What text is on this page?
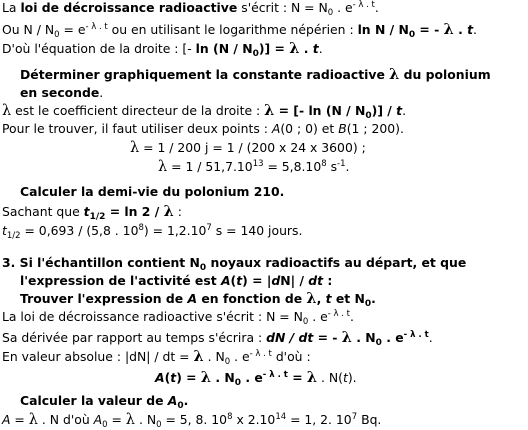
La loi de décroissance radioactive s'écrit : $N = N_0$ . $e^{- \lambda . t}$.
Ou $N / N_0 = e^{- \lambda . t}$ ou en utilisant le logarithme népérien : ln N / $N_0$ = - λ . t.
D'où l'équation de la droite : [- $\ln (N / N_0)] = \lambda$ . t.
Déterminer graphiquement la constante radioactive λ du polonium
en seconde.
λ est le coefficient directeur de la droite : λ = [- $\ln (N / N_0)$] / t.
Pour le trouver, il faut utiliser deux points : A(0 ; 0) et B(1 ; 200).
λ = 1 / 200 j = 1 / (200 x 24 x 3600) ;
$\lambda = 1 / 51,7.10^{13} = 5,8.10^8$ $s^{-1}$.
Calculer la demi-vie du polonium 210.
Sachant que $t_{1/2} = \ln 2 / \lambda$ :
$t_{1/2} = 0,693 / (5,8$ . $10^8) = 1,2.10^7$ s = 140 jours.
3. Si l'échantillon contient $N_0$ noyaux radioactifs au départ, et que
l'expression de l'activité est A(t) = |dN| / dt :
Trouver l'expression de A en fonction de λ, t et $N_0$.
La loi de décroissance radioactive s'écrit : $N = N_0$ . $e^{- \lambda . t}$.
Sa dérivée par rapport au temps s'écrira : dN / dt = - λ . $N_0$ . $e^{- \lambda . t}$.
En valeur absolue : |dN| / dt = λ . $N_0$ . $e^{- \lambda . t}$ d'où :
A(t) = λ . $N_0$ . $e^{- \lambda . t} = \lambda$ . N(t).
Calculer la valeur de $A_0$.
A = λ . N d'où $A_0 = \lambda$ . $N_0 = 5$, 8. $10^8$ x $2.10^{14} = 1$, 2. $10^7$ Bq.
